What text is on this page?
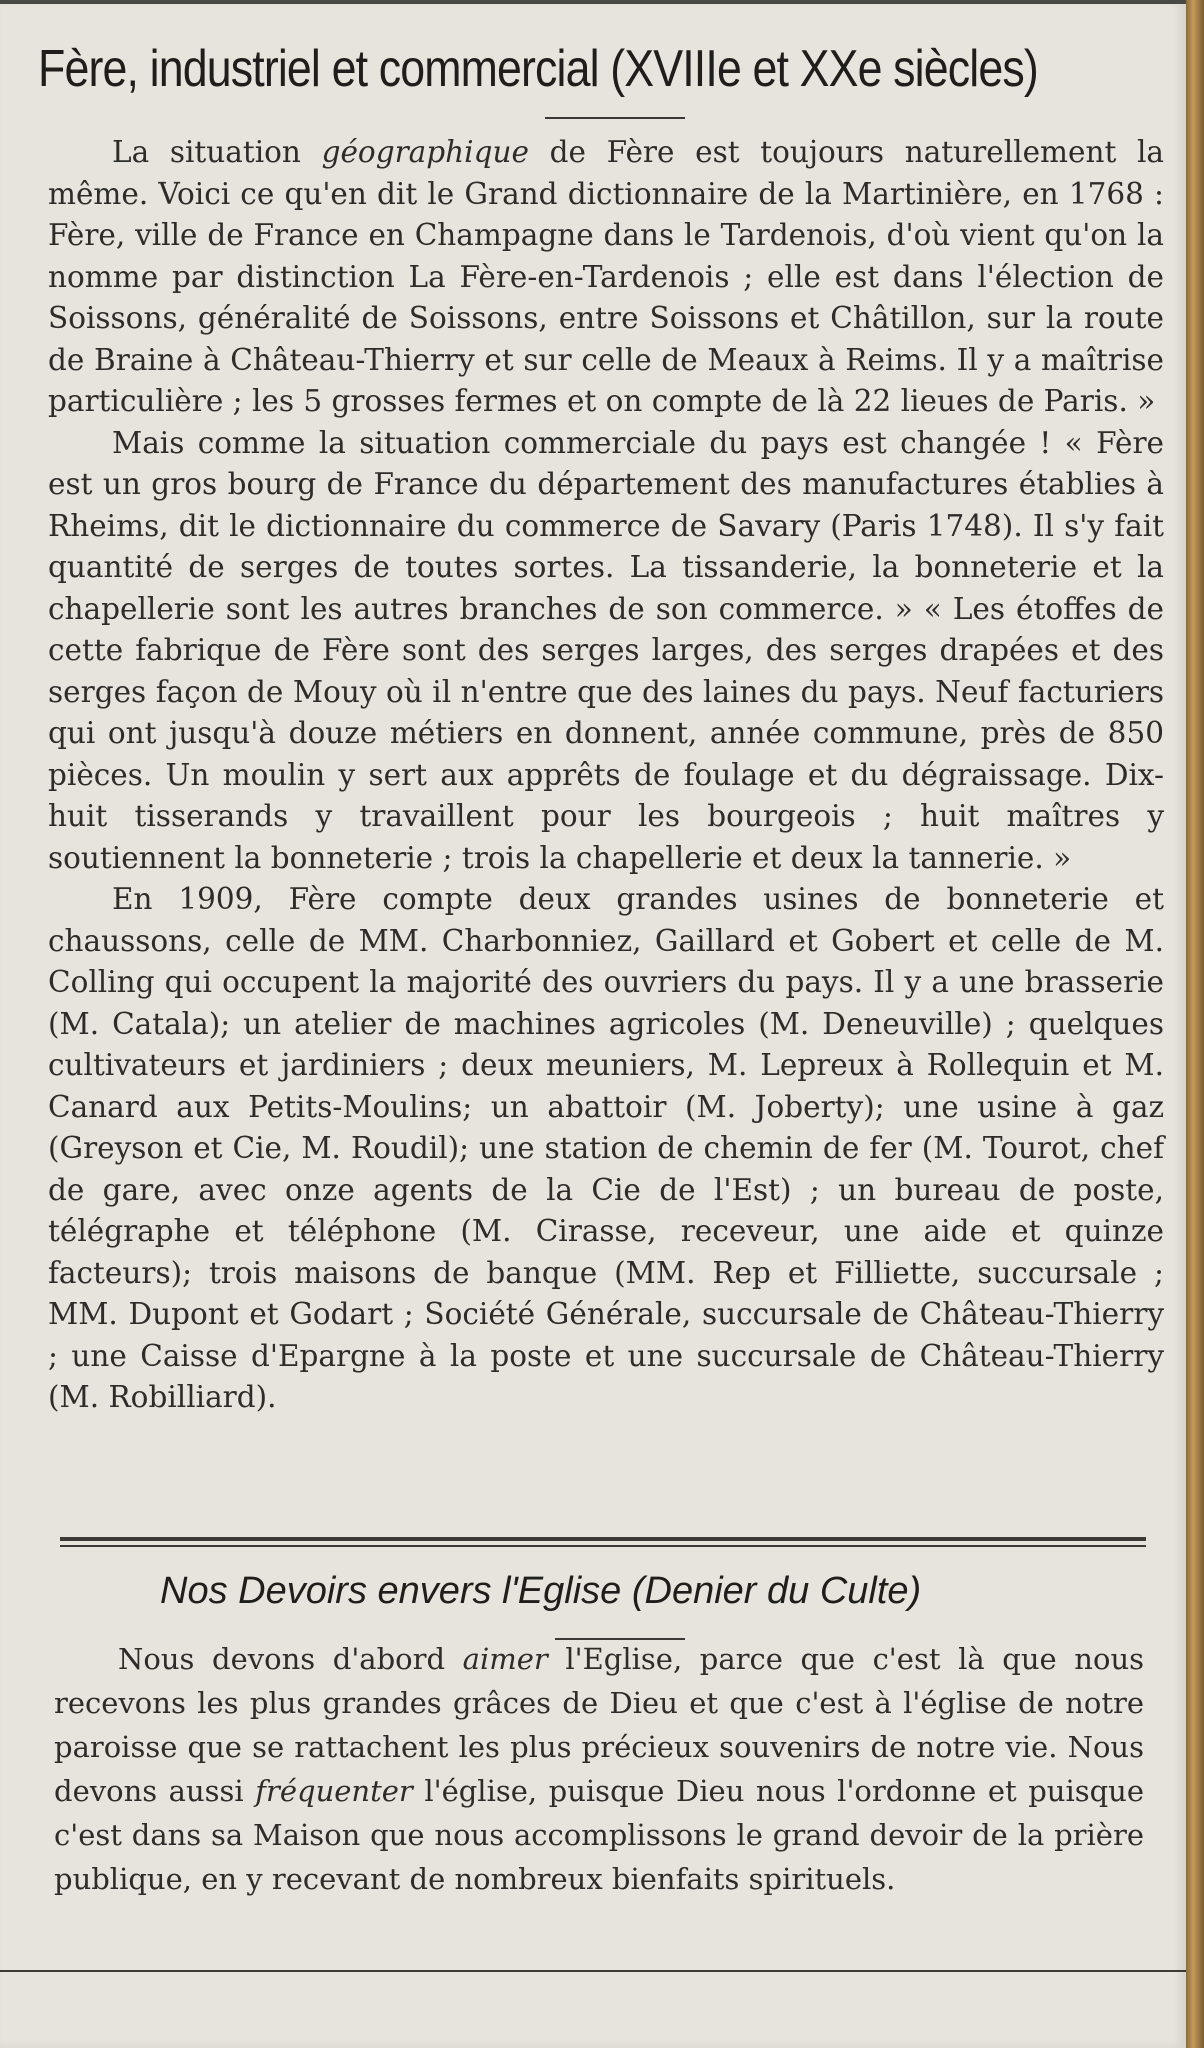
Fère, industriel et commercial (XVIIIe et XXe siècles)

La situation géographique de Fère est toujours naturellement la même. Voici ce qu'en dit le Grand dictionnaire de la Martinière, en 1768 : Fère, ville de France en Champagne dans le Tardenois, d'où vient qu'on la nomme par distinction La Fère-en-Tardenois ; elle est dans l'élection de Soissons, généralité de Soissons, entre Soissons et Châtillon, sur la route de Braine à Château-Thierry et sur celle de Meaux à Reims. Il y a maîtrise particulière ; les 5 grosses fermes et on compte de là 22 lieues de Paris. »

Mais comme la situation commerciale du pays est changée ! « Fère est un gros bourg de France du département des manufactures établies à Rheims, dit le dictionnaire du commerce de Savary (Paris 1748). Il s'y fait quantité de serges de toutes sortes. La tissanderie, la bonneterie et la chapellerie sont les autres branches de son commerce. » « Les étoffes de cette fabrique de Fère sont des serges larges, des serges drapées et des serges façon de Mouy où il n'entre que des laines du pays. Neuf facturiers qui ont jusqu'à douze métiers en donnent, année commune, près de 850 pièces. Un moulin y sert aux apprêts de foulage et du dégraissage. Dix-huit tisserands y travaillent pour les bourgeois ; huit maîtres y soutiennent la bonneterie ; trois la chapellerie et deux la tannerie. »

En 1909, Fère compte deux grandes usines de bonneterie et chaussons, celle de MM. Charbonniez, Gaillard et Gobert et celle de M. Colling qui occupent la majorité des ouvriers du pays. Il y a une brasserie (M. Catala); un atelier de machines agricoles (M. Deneuville) ; quelques cultivateurs et jardiniers ; deux meuniers, M. Lepreux à Rollequin et M. Canard aux Petits-Moulins; un abattoir (M. Joberty); une usine à gaz (Greyson et Cie, M. Roudil); une station de chemin de fer (M. Tourot, chef de gare, avec onze agents de la Cie de l'Est) ; un bureau de poste, télégraphe et téléphone (M. Cirasse, receveur, une aide et quinze facteurs); trois maisons de banque (MM. Rep et Filliette, succursale ; MM. Dupont et Godart ; Société Générale, succursale de Château-Thierry ; une Caisse d'Epargne à la poste et une succursale de Château-Thierry (M. Robilliard).

Nos Devoirs envers l'Eglise (Denier du Culte)

Nous devons d'abord aimer l'Eglise, parce que c'est là que nous recevons les plus grandes grâces de Dieu et que c'est à l'église de notre paroisse que se rattachent les plus précieux souvenirs de notre vie. Nous devons aussi fréquenter l'église, puisque Dieu nous l'ordonne et puisque c'est dans sa Maison que nous accomplissons le grand devoir de la prière publique, en y recevant de nombreux bienfaits spirituels.
